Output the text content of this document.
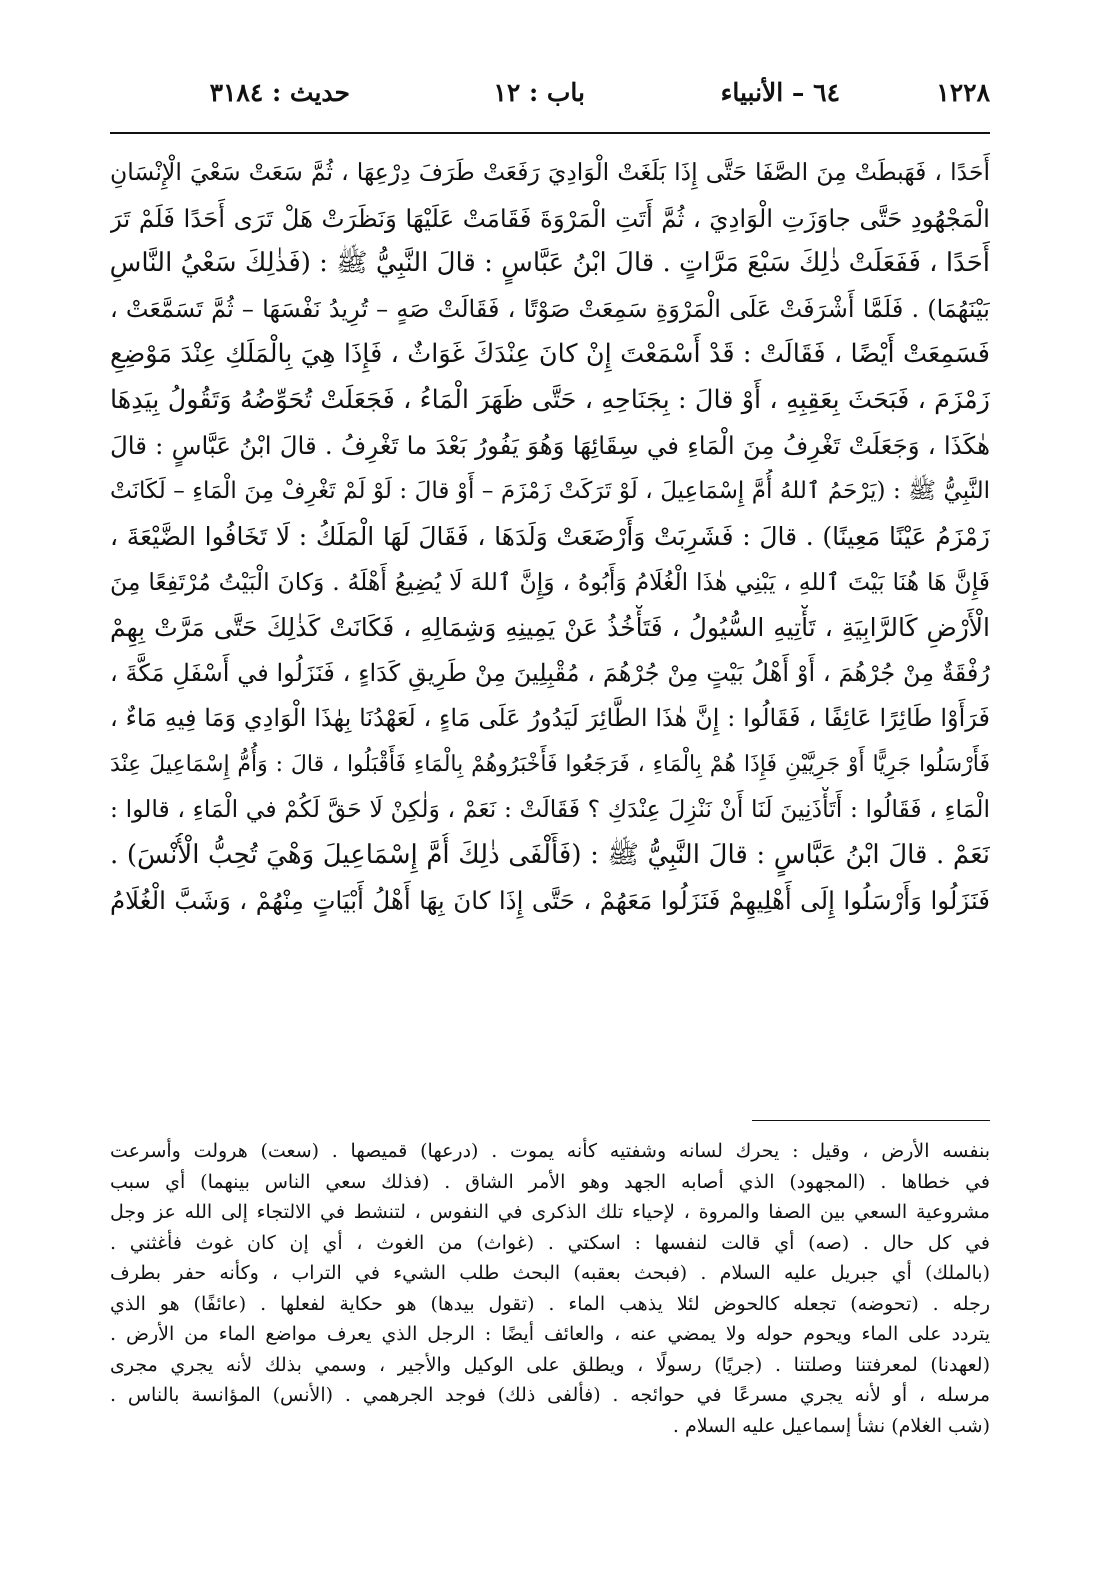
١٢٢٨
٦٤ – الأنبياء
باب : ١٢
حديث : ٣١٨٤
أَحَدًا ، فَهَبطَتْ مِنَ الصَّفَا حَتَّى إِذَا بَلَغَتْ الْوَادِيَ رَفَعَتْ طَرَفَ دِرْعِهَا ، ثُمَّ سَعَتْ سَعْيَ الْإِنْسَانِ
الْمَجْهُودِ حَتَّى جاوَزَتِ الْوَادِيَ ، ثُمَّ أَتَتِ الْمَرْوَةَ فَقَامَتْ عَلَيْهَا وَنَظَرَتْ هَلْ تَرَى أَحَدًا فَلَمْ تَرَ
أَحَدًا ، فَفَعَلَتْ ذٰلِكَ سَبْعَ مَرَّاتٍ . قالَ ابْنُ عَبَّاسٍ : قالَ النَّبِيُّ ﷺ : (فَذٰلِكَ سَعْيُ النَّاسِ
بَيْنَهُمَا) . فَلَمَّا أَشْرَفَتْ عَلَى الْمَرْوَةِ سَمِعَتْ صَوْتًا ، فَقَالَتْ صَهٍ – تُرِيدُ نَفْسَهَا – ثُمَّ تَسَمَّعَتْ ،
فَسَمِعَتْ أَيْضًا ، فَقَالَتْ : قَدْ أَسْمَعْتَ إِنْ كانَ عِنْدَكَ غَوَاثٌ ، فَإِذَا هِيَ بِالْمَلَكِ عِنْدَ مَوْضِعِ
زَمْزَمَ ، فَبَحَثَ بِعَقِبِهِ ، أَوْ قالَ : بِجَنَاحِهِ ، حَتَّى ظَهَرَ الْمَاءُ ، فَجَعَلَتْ تُحَوِّضُهُ وَتَقُولُ بِيَدِهَا
هٰكَذَا ، وَجَعَلَتْ تَغْرِفُ مِنَ الْمَاءِ في سِقَائِهَا وَهُوَ يَفُورُ بَعْدَ ما تَغْرِفُ . قالَ ابْنُ عَبَّاسٍ : قالَ
النَّبِيُّ ﷺ : (يَرْحَمُ ٱللهُ أُمَّ إِسْمَاعِيلَ ، لَوْ تَرَكَتْ زَمْزَمَ – أَوْ قالَ : لَوْ لَمْ تَغْرِفْ مِنَ الْمَاءِ – لَكَانَتْ
زَمْزَمُ عَيْنًا مَعِينًا) . قالَ : فَشَرِبَتْ وَأَرْضَعَتْ وَلَدَهَا ، فَقَالَ لَهَا الْمَلَكُ : لَا تَخَافُوا الضَّيْعَةَ ،
فَإِنَّ هَا هُنَا بَيْتَ ٱللهِ ، يَبْنِي هٰذَا الْغُلَامُ وَأَبُوهُ ، وَإِنَّ ٱللهَ لَا يُضِيعُ أَهْلَهُ . وَكانَ الْبَيْتُ مُرْتَفِعًا مِنَ
الْأَرْضِ كَالرَّابِيَةِ ، تَأْتِيهِ السُّيُولُ ، فَتَأْخُذُ عَنْ يَمِينِهِ وَشِمَالِهِ ، فَكَانَتْ كَذٰلِكَ حَتَّى مَرَّتْ بِهِمْ
رُفْقَةٌ مِنْ جُرْهُمَ ، أَوْ أَهْلُ بَيْتٍ مِنْ جُرْهُمَ ، مُقْبِلِينَ مِنْ طَرِيقِ كَدَاءٍ ، فَنَزَلُوا في أَسْفَلِ مَكَّةَ ،
فَرَأَوْا طَائِرًا عَائِفًا ، فَقَالُوا : إِنَّ هٰذَا الطَّائِرَ لَيَدُورُ عَلَى مَاءٍ ، لَعَهْدُنَا بِهٰذَا الْوَادِي وَمَا فِيهِ مَاءٌ ،
فَأَرْسَلُوا جَرِيًّا أَوْ جَرِيَّيْنِ فَإِذَا هُمْ بِالْمَاءِ ، فَرَجَعُوا فَأَخْبَرُوهُمْ بِالْمَاءِ فَأَقْبَلُوا ، قالَ : وَأُمُّ إِسْمَاعِيلَ عِنْدَ
الْمَاءِ ، فَقَالُوا : أَتَأْذَنِينَ لَنَا أَنْ نَنْزِلَ عِنْدَكِ ؟ فَقَالَتْ : نَعَمْ ، وَلٰكِنْ لَا حَقَّ لَكُمْ في الْمَاءِ ، قالوا :
نَعَمْ . قالَ ابْنُ عَبَّاسٍ : قالَ النَّبِيُّ ﷺ : (فَأَلْفَى ذٰلِكَ أُمَّ إِسْمَاعِيلَ وَهْيَ تُحِبُّ الْأُنْسَ) .
فَنَزَلُوا وَأَرْسَلُوا إِلَى أَهْلِيهِمْ فَنَزَلُوا مَعَهُمْ ، حَتَّى إِذَا كانَ بِهَا أَهْلُ أَبْيَاتٍ مِنْهُمْ ، وَشَبَّ الْغُلَامُ
بنفسه الأرض ، وقيل : يحرك لسانه وشفتيه كأنه يموت . (درعها) قميصها . (سعت) هرولت وأسرعت
في خطاها . (المجهود) الذي أصابه الجهد وهو الأمر الشاق . (فذلك سعي الناس بينهما) أي سبب
مشروعية السعي بين الصفا والمروة ، لإحياء تلك الذكرى في النفوس ، لتنشط في الالتجاء إلى الله عز وجل
في كل حال . (صه) أي قالت لنفسها : اسكتي . (غواث) من الغوث ، أي إن كان غوث فأغثني .
(بالملك) أي جبريل عليه السلام . (فبحث بعقبه) البحث طلب الشيء في التراب ، وكأنه حفر بطرف
رجله . (تحوضه) تجعله كالحوض لئلا يذهب الماء . (تقول بيدها) هو حكاية لفعلها . (عائفًا) هو الذي
يتردد على الماء ويحوم حوله ولا يمضي عنه ، والعائف أيضًا : الرجل الذي يعرف مواضع الماء من الأرض .
(لعهدنا) لمعرفتنا وصلتنا . (جريًا) رسولًا ، ويطلق على الوكيل والأجير ، وسمي بذلك لأنه يجري مجرى
مرسله ، أو لأنه يجري مسرعًا في حوائجه . (فألفى ذلك) فوجد الجرهمي . (الأنس) المؤانسة بالناس .
(شب الغلام) نشأ إسماعيل عليه السلام .
